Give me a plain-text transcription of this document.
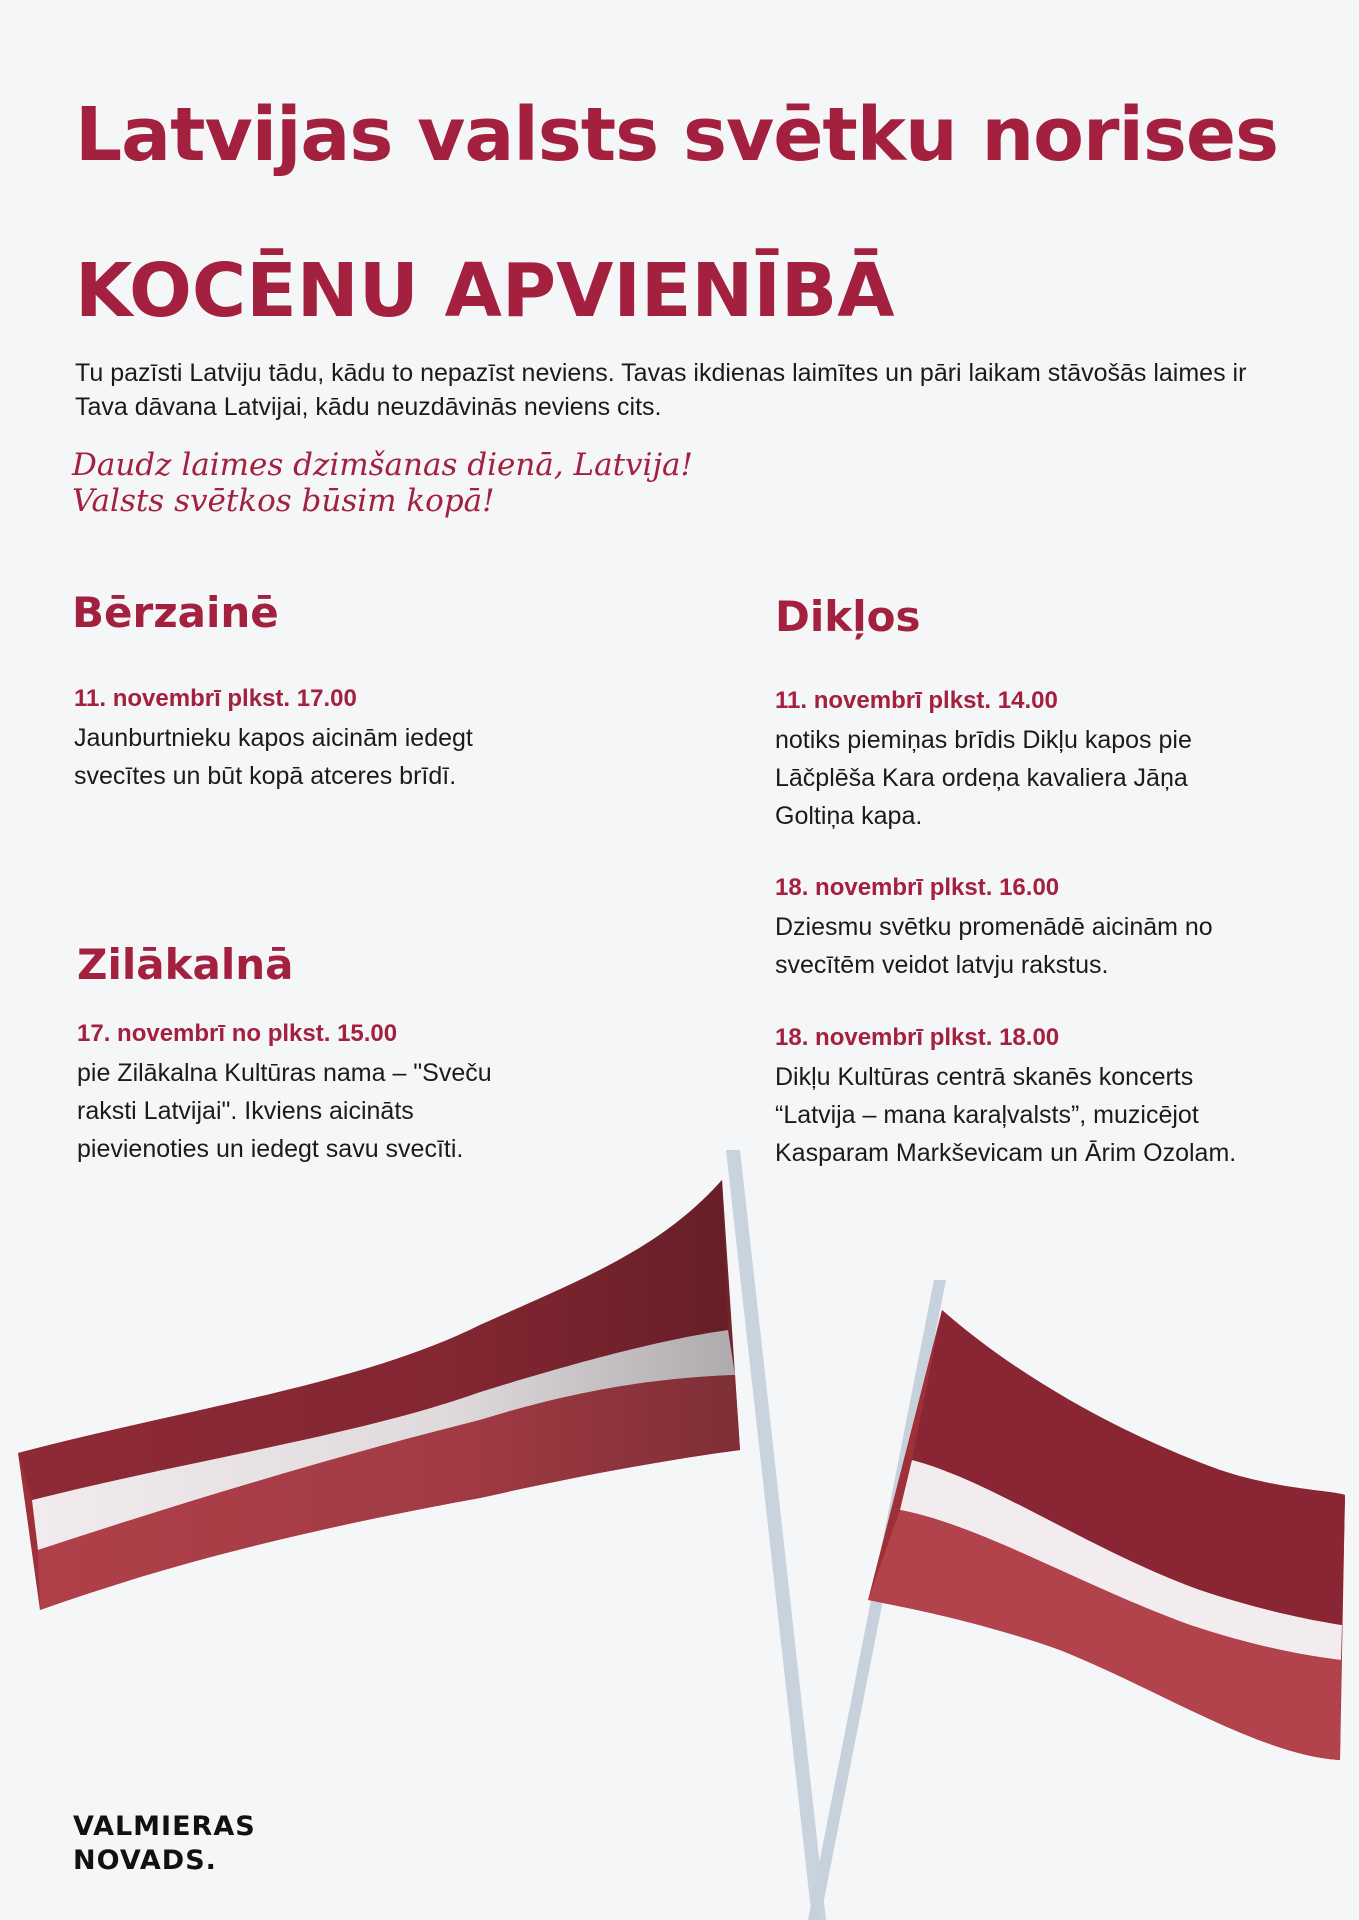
Latvijas valsts svētku norises
KOCĒNU APVIENĪBĀ

Tu pazīsti Latviju tādu, kādu to nepazīst neviens. Tavas ikdienas laimītes un pāri laikam stāvošās laimes ir Tava dāvana Latvijai, kādu neuzdāvinās neviens cits.

Daudz laimes dzimšanas dienā, Latvija!
Valsts svētkos būsim kopā!
Bērzainē

11. novembrī plkst. 17.00

Jaunburtnieku kapos aicinām iedegt

svecītes un būt kopā atceres brīdī.

Zilākalnā

17. novembrī no plkst. 15.00

pie Zilākalna Kultūras nama – "Sveču

raksti Latvijai". Ikviens aicināts

pievienoties un iedegt savu svecīti.

Dikļos

11. novembrī plkst. 14.00

notiks piemiņas brīdis Dikļu kapos pie

Lāčplēša Kara ordeņa kavaliera Jāņa

Goltiņa kapa.

18. novembrī plkst. 16.00

Dziesmu svētku promenādē aicinām no

svecītēm veidot latvju rakstus.

18. novembrī plkst. 18.00

Dikļu Kultūras centrā skanēs koncerts

“Latvija – mana karaļvalsts”, muzicējot

Kasparam Markševicam un Ārim Ozolam.

VALMIERAS
NOVADS.
